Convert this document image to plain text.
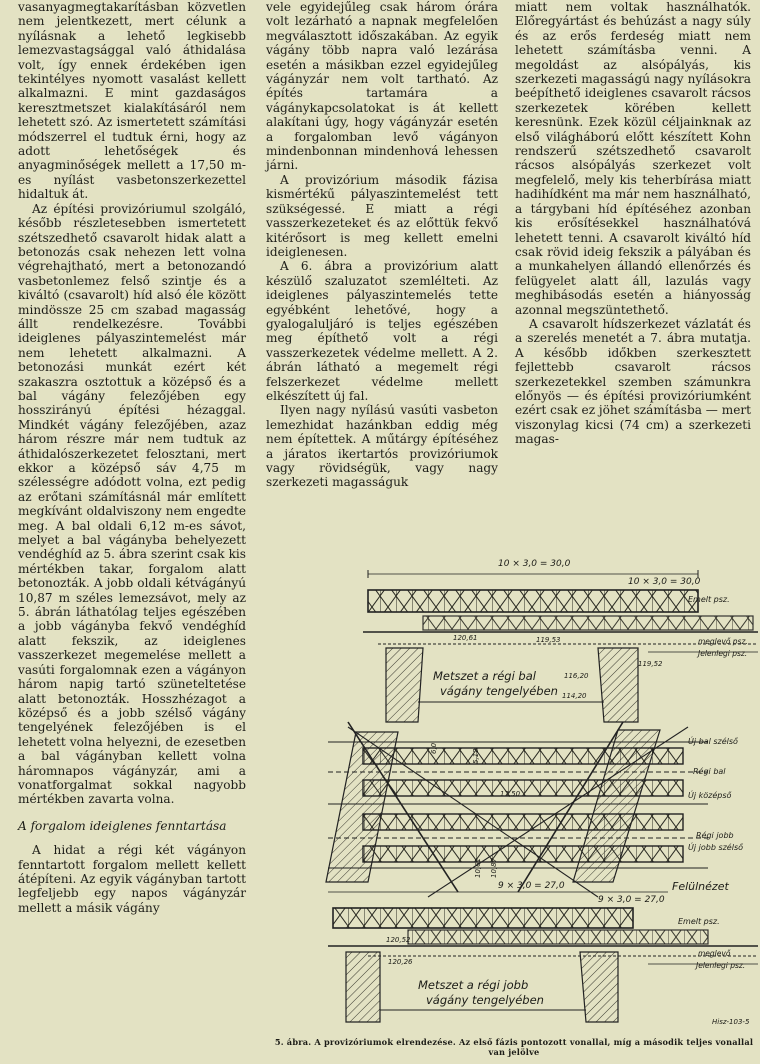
vasanyagmegtakarításban közvetlen nem jelentkezett, mert célunk a nyílásnak a lehető legkisebb lemezvastagsággal való áthidalása volt, így ennek érdekében igen tekintélyes nyomott vasalást kellett alkalmazni. E mint gazdaságos keresztmetszet kialakításáról nem lehetett szó. Az ismertetett számítási módszerrel el tudtuk érni, hogy az adott lehetőségek és anyagminőségek mellett a 17,50 m-es nyílást vasbetonszerkezettel hidaltuk át.

Az építési provizóriumul szolgáló, később részletesebben ismertetett szétszedhető csavarolt hidak alatt a betonozás csak nehezen lett volna végrehajtható, mert a betonozandó vasbetonlemez felső szintje és a kiváltó (csavarolt) híd alsó éle között mindössze 25 cm szabad magasság állt rendelkezésre. További ideiglenes pályaszintemelést már nem lehetett alkalmazni. A betonozási munkát ezért két szakaszra osztottuk a középső és a bal vágány felezőjében egy hosszirányú építési hézaggal. Mindkét vágány felezőjében, azaz három részre már nem tudtuk az áthidalószerkezetet felosztani, mert ekkor a középső sáv 4,75 m szélességre adódott volna, ezt pedig az erőtani számításnál már említett megkívánt oldalviszony nem engedte meg. A bal oldali 6,12 m-es sávot, melyet a bal vágányba behelyezett vendéghíd az 5. ábra szerint csak kis mértékben takar, forgalom alatt betonozták. A jobb oldali kétvágányú 10,87 m széles lemezsávot, mely az 5. ábrán láthatólag teljes egészében a jobb vágányba fekvő vendéghíd alatt fekszik, az ideiglenes vasszerkezet megemelése mellett a vasúti forgalomnak ezen a vágányon három napig tartó szüneteltetése alatt betonozták. Hosszhézagot a középső és a jobb szélső vágány tengelyének felezőjében is el lehetett volna helyezni, de ezesetben a bal vágányban kellett volna háromnapos vágányzár, ami a vonatforgalmat sokkal nagyobb mértékben zavarta volna.

A forgalom ideiglenes fenntartása

A hidat a régi két vágányon fenntartott forgalom mellett kellett átépíteni. Az egyik vágányban tartott legfeljebb egy napos vágányzár mellett a másik vágány

vele egyidejűleg csak három órára volt lezárható a napnak megfelelően megválasztott időszakában. Az egyik vágány több napra való lezárása esetén a másikban ezzel egyidejűleg vágányzár nem volt tartható. Az építés tartamára a vágánykapcsolatokat is át kellett alakítani úgy, hogy vágányzár esetén a forgalomban levő vágányon mindenbonnan mindenhová lehessen járni.

A provizórium második fázisa kismértékű pályaszintemelést tett szükségessé. E miatt a régi vasszerkezeteket és az előttük fekvő kitérősort is meg kellett emelni ideiglenesen.

A 6. ábra a provizórium alatt készülő szaluzatot szemlélteti. Az ideiglenes pályaszintemelés tette egyébként lehetővé, hogy a gyalogaluljáró is teljes egészében meg építhető volt a régi vasszerkezetek védelme mellett. A 2. ábrán látható a megemelt régi felszerkezet védelme mellett elkészített új fal.

Ilyen nagy nyílású vasúti vasbeton lemezhidat hazánkban eddig még nem építettek. A műtárgy építéséhez a járatos ikertartós provizóriumok vagy rövidségük, vagy nagy szerkezeti magasságuk

miatt nem voltak használhatók. Előregyártást és behúzást a nagy súly és az erős ferdeség miatt nem lehetett számításba venni. A megoldást az alsópályás, kis szerkezeti magasságú nagy nyílásokra beépíthető ideiglenes csavarolt rácsos szerkezetek körében kellett keresnünk. Ezek közül céljainknak az első világháború előtt készített Kohn rendszerű szétszedhető csavarolt rácsos alsópályás szerkezet volt megfelelő, mely kis teherbírása miatt hadihídként ma már nem használható, a tárgybani híd építéséhez azonban kis erősítésekkel használhatóvá lehetett tenni. A csavarolt kiváltó híd csak rövid ideig fekszik a pályában és a munkahelyen állandó ellenőrzés és felügyelet alatt áll, lazulás vagy meghibásodás esetén a hiányosság azonnal megszüntethető.

A csavarolt hídszerkezet vázlatát és a szerelés menetét a 7. ábra mutatja. A később időkben szerkesztett fejlettebb csavarolt rácsos szerkezetekkel szemben számunkra előnyös — és építési provizóriumként ezért csak ez jöhet számításba — mert viszonylag kicsi (74 cm) a szerkezeti magas-

10 × 3,0 = 30,0
10 × 3,0 = 30,0
Emelt psz.
meglevő psz.
Jelenlegi psz.
120,61	119,53
119,52
Metszet a régi bal
vágány tengelyében
116,20
114,20
Új bal szélső
Régi bal
Új középső
Régi jobb
Új jobb szélső
Felülnézet
5,12
6,0
17,50
10,61 10,87
9 × 3,0 = 27,0
9 × 3,0 = 27,0
Emelt psz.
meglevő
Jelenlegi psz.
120,52
120,26
Metszet a régi jobb
vágány tengelyében
Hisz-103-5
5. ábra. A provizóriumok elrendezése. Az első fázis pontozott vonallal, míg a második teljes vonallal van jelölve
